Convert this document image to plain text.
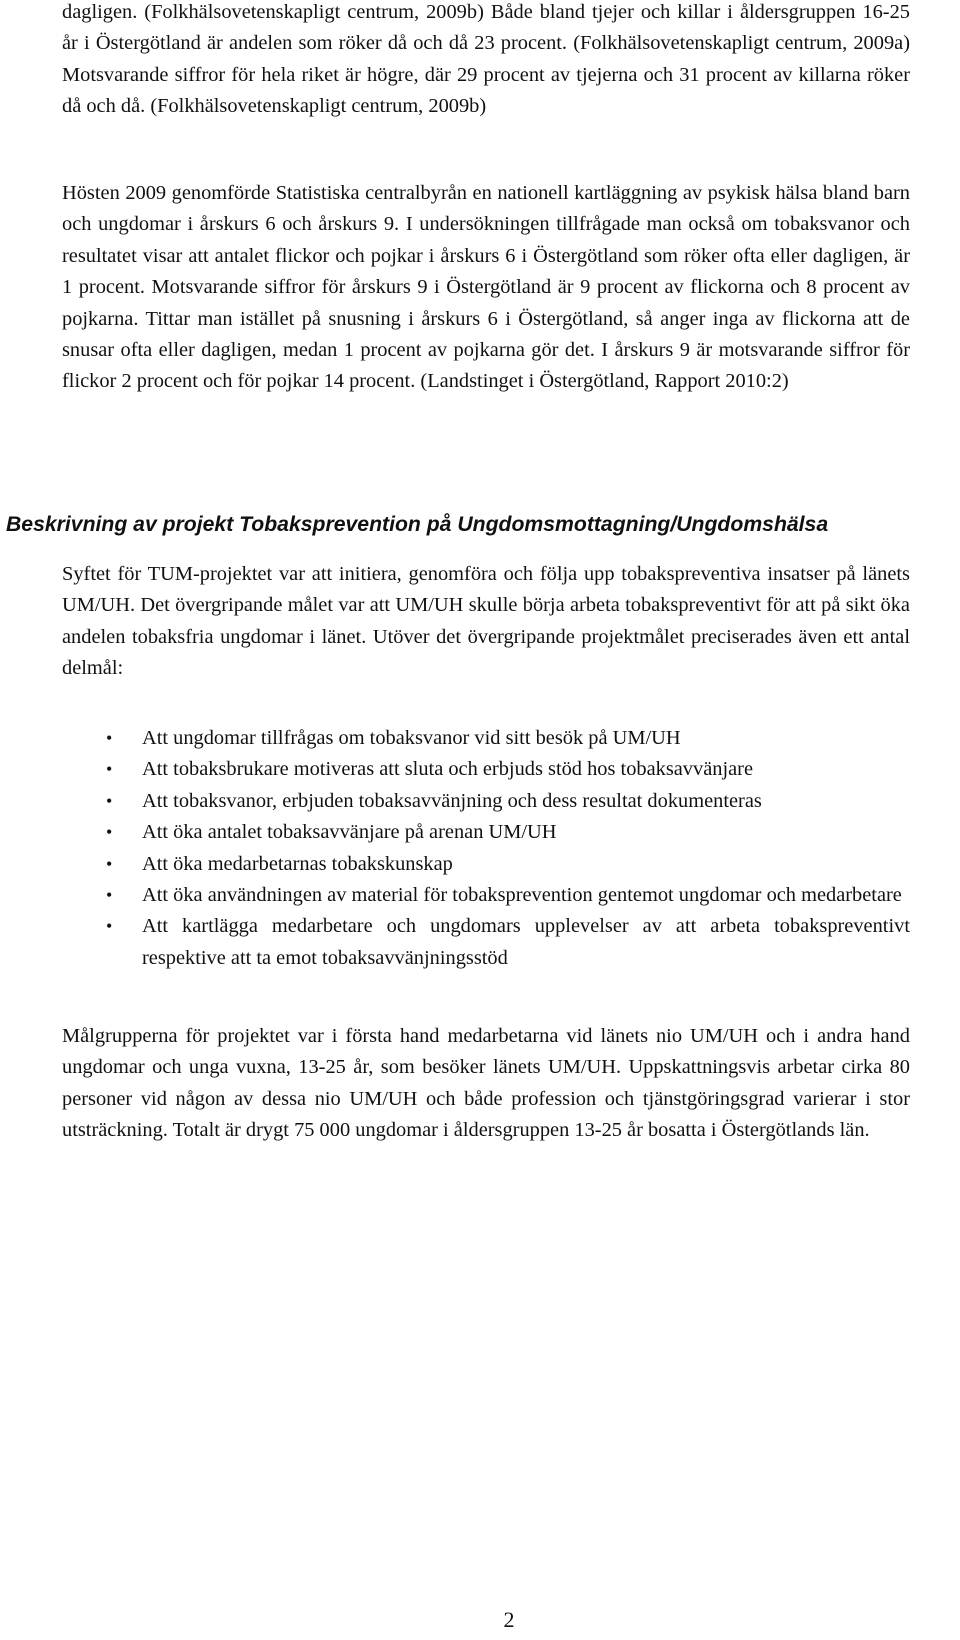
dagligen. (Folkhälsovetenskapligt centrum, 2009b) Både bland tjejer och killar i åldersgruppen 16-25 år i Östergötland är andelen som röker då och då 23 procent. (Folkhälsovetenskapligt centrum, 2009a) Motsvarande siffror för hela riket är högre, där 29 procent av tjejerna och 31 procent av killarna röker då och då. (Folkhälsovetenskapligt centrum, 2009b)

Hösten 2009 genomförde Statistiska centralbyrån en nationell kartläggning av psykisk hälsa bland barn och ungdomar i årskurs 6 och årskurs 9. I undersökningen tillfrågade man också om tobaksvanor och resultatet visar att antalet flickor och pojkar i årskurs 6 i Östergötland som röker ofta eller dagligen, är 1 procent. Motsvarande siffror för årskurs 9 i Östergötland är 9 procent av flickorna och 8 procent av pojkarna. Tittar man istället på snusning i årskurs 6 i Östergötland, så anger inga av flickorna att de snusar ofta eller dagligen, medan 1 procent av pojkarna gör det. I årskurs 9 är motsvarande siffror för flickor 2 procent och för pojkar 14 procent. (Landstinget i Östergötland, Rapport 2010:2)

Beskrivning av projekt Tobaksprevention på Ungdomsmottagning/Ungdomshälsa

Syftet för TUM-projektet var att initiera, genomföra och följa upp tobakspreventiva insatser på länets UM/UH. Det övergripande målet var att UM/UH skulle börja arbeta tobakspreventivt för att på sikt öka andelen tobaksfria ungdomar i länet. Utöver det övergripande projektmålet preciserades även ett antal delmål:

• Att ungdomar tillfrågas om tobaksvanor vid sitt besök på UM/UH
• Att tobaksbrukare motiveras att sluta och erbjuds stöd hos tobaksavvänjare
• Att tobaksvanor, erbjuden tobaksavvänjning och dess resultat dokumenteras
• Att öka antalet tobaksavvänjare på arenan UM/UH
• Att öka medarbetarnas tobakskunskap
• Att öka användningen av material för tobaksprevention gentemot ungdomar och medarbetare
• Att kartlägga medarbetare och ungdomars upplevelser av att arbeta tobakspreventivt respektive att ta emot tobaksavvänjningsstöd

Målgrupperna för projektet var i första hand medarbetarna vid länets nio UM/UH och i andra hand ungdomar och unga vuxna, 13-25 år, som besöker länets UM/UH. Uppskattningsvis arbetar cirka 80 personer vid någon av dessa nio UM/UH och både profession och tjänstgöringsgrad varierar i stor utsträckning. Totalt är drygt 75 000 ungdomar i åldersgruppen 13-25 år bosatta i Östergötlands län.

2
